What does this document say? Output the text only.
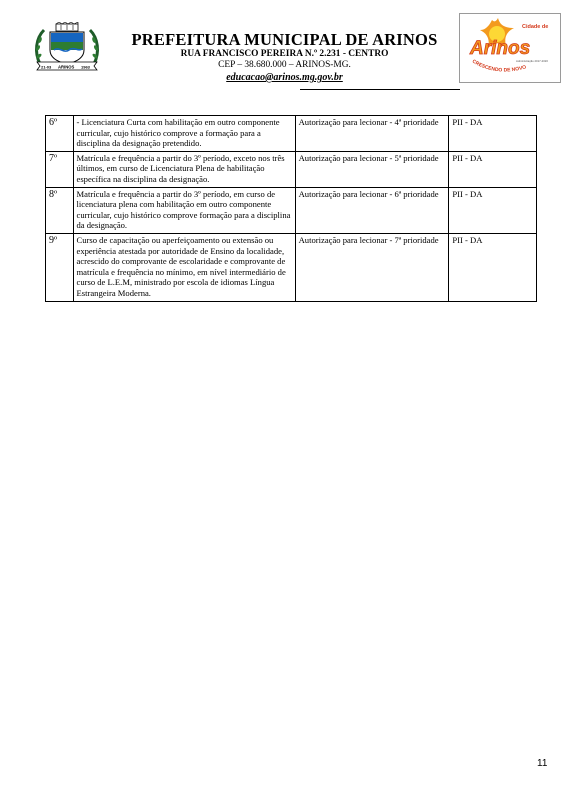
21-03 ARINOS 1963
PREFEITURA MUNICIPAL DE ARINOS
RUA FRANCISCO PEREIRA N.º 2.231 - CENTRO
CEP – 38.680.000 – ARINOS-MG.
educacao@arinos.mg.gov.br
Cidade de
Arinos
Administração 2017-2020
CRESCENDO DE NOVO
6º	- Licenciatura Curta com habilitação em outro componente curricular, cujo histórico comprove a formação para a disciplina da designação pretendido.	Autorização para lecionar - 4ª prioridade	PII - DA
7º	Matrícula e frequência a partir do 3º período, exceto nos três últimos, em curso de Licenciatura Plena de habilitação específica na disciplina da designação.	Autorização para lecionar - 5ª prioridade	PII - DA
8º	Matrícula e frequência a partir do 3º período, em curso de licenciatura plena com habilitação em outro componente curricular, cujo histórico comprove formação para a disciplina da designação.	Autorização para lecionar - 6ª prioridade	PII - DA
9º	Curso de capacitação ou aperfeiçoamento ou extensão ou experiência atestada por autoridade de Ensino da localidade, acrescido do comprovante de escolaridade e comprovante de matrícula e frequência no mínimo, em nível intermediário de curso de L.E.M, ministrado por escola de idiomas Língua Estrangeira Moderna.	Autorização para lecionar - 7ª prioridade	PII - DA
11
